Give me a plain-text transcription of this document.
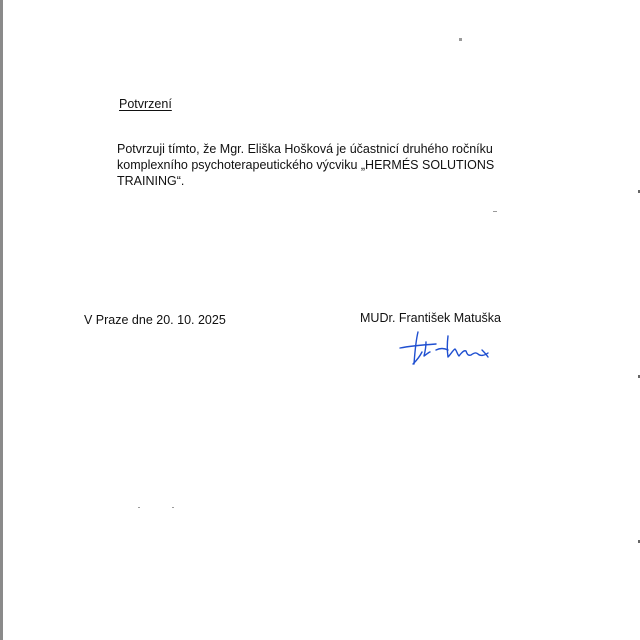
Potvrzení
Potvrzuji tímto, že Mgr. Eliška Hošková je účastnicí druhého ročníku
komplexního psychoterapeutického výcviku „HERMÉS SOLUTIONS
TRAINING“.
V Praze dne 20. 10. 2025	MUDr. František Matuška
